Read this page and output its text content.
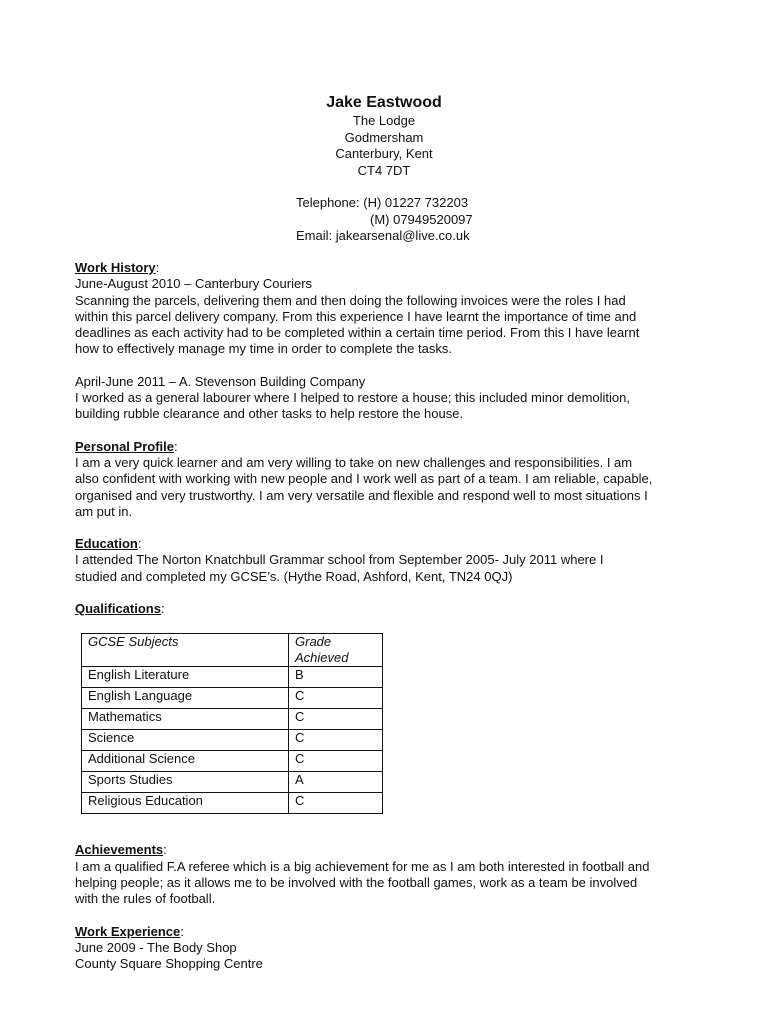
Jake Eastwood
The Lodge
Godmersham
Canterbury, Kent
CT4 7DT
Telephone: (H) 01227 732203
(M) 07949520097
Email: jakearsenal@live.co.uk
Work History:
June-August 2010 – Canterbury Couriers
Scanning the parcels, delivering them and then doing the following invoices were the roles I had
within this parcel delivery company. From this experience I have learnt the importance of time and
deadlines as each activity had to be completed within a certain time period. From this I have learnt
how to effectively manage my time in order to complete the tasks.
April-June 2011 – A. Stevenson Building Company
I worked as a general labourer where I helped to restore a house; this included minor demolition,
building rubble clearance and other tasks to help restore the house.
Personal Profile:
I am a very quick learner and am very willing to take on new challenges and responsibilities. I am
also confident with working with new people and I work well as part of a team. I am reliable, capable,
organised and very trustworthy. I am very versatile and flexible and respond well to most situations I
am put in.
Education:
I attended The Norton Knatchbull Grammar school from September 2005- July 2011 where I
studied and completed my GCSE’s. (Hythe Road, Ashford, Kent, TN24 0QJ)
Qualifications:
GCSE Subjects	Grade
Achieved
English Literature	B
English Language	C
Mathematics	C
Science	C
Additional Science	C
Sports Studies	A
Religious Education	C
Achievements:
I am a qualified F.A referee which is a big achievement for me as I am both interested in football and
helping people; as it allows me to be involved with the football games, work as a team be involved
with the rules of football.
Work Experience:
June 2009 - The Body Shop
County Square Shopping Centre
